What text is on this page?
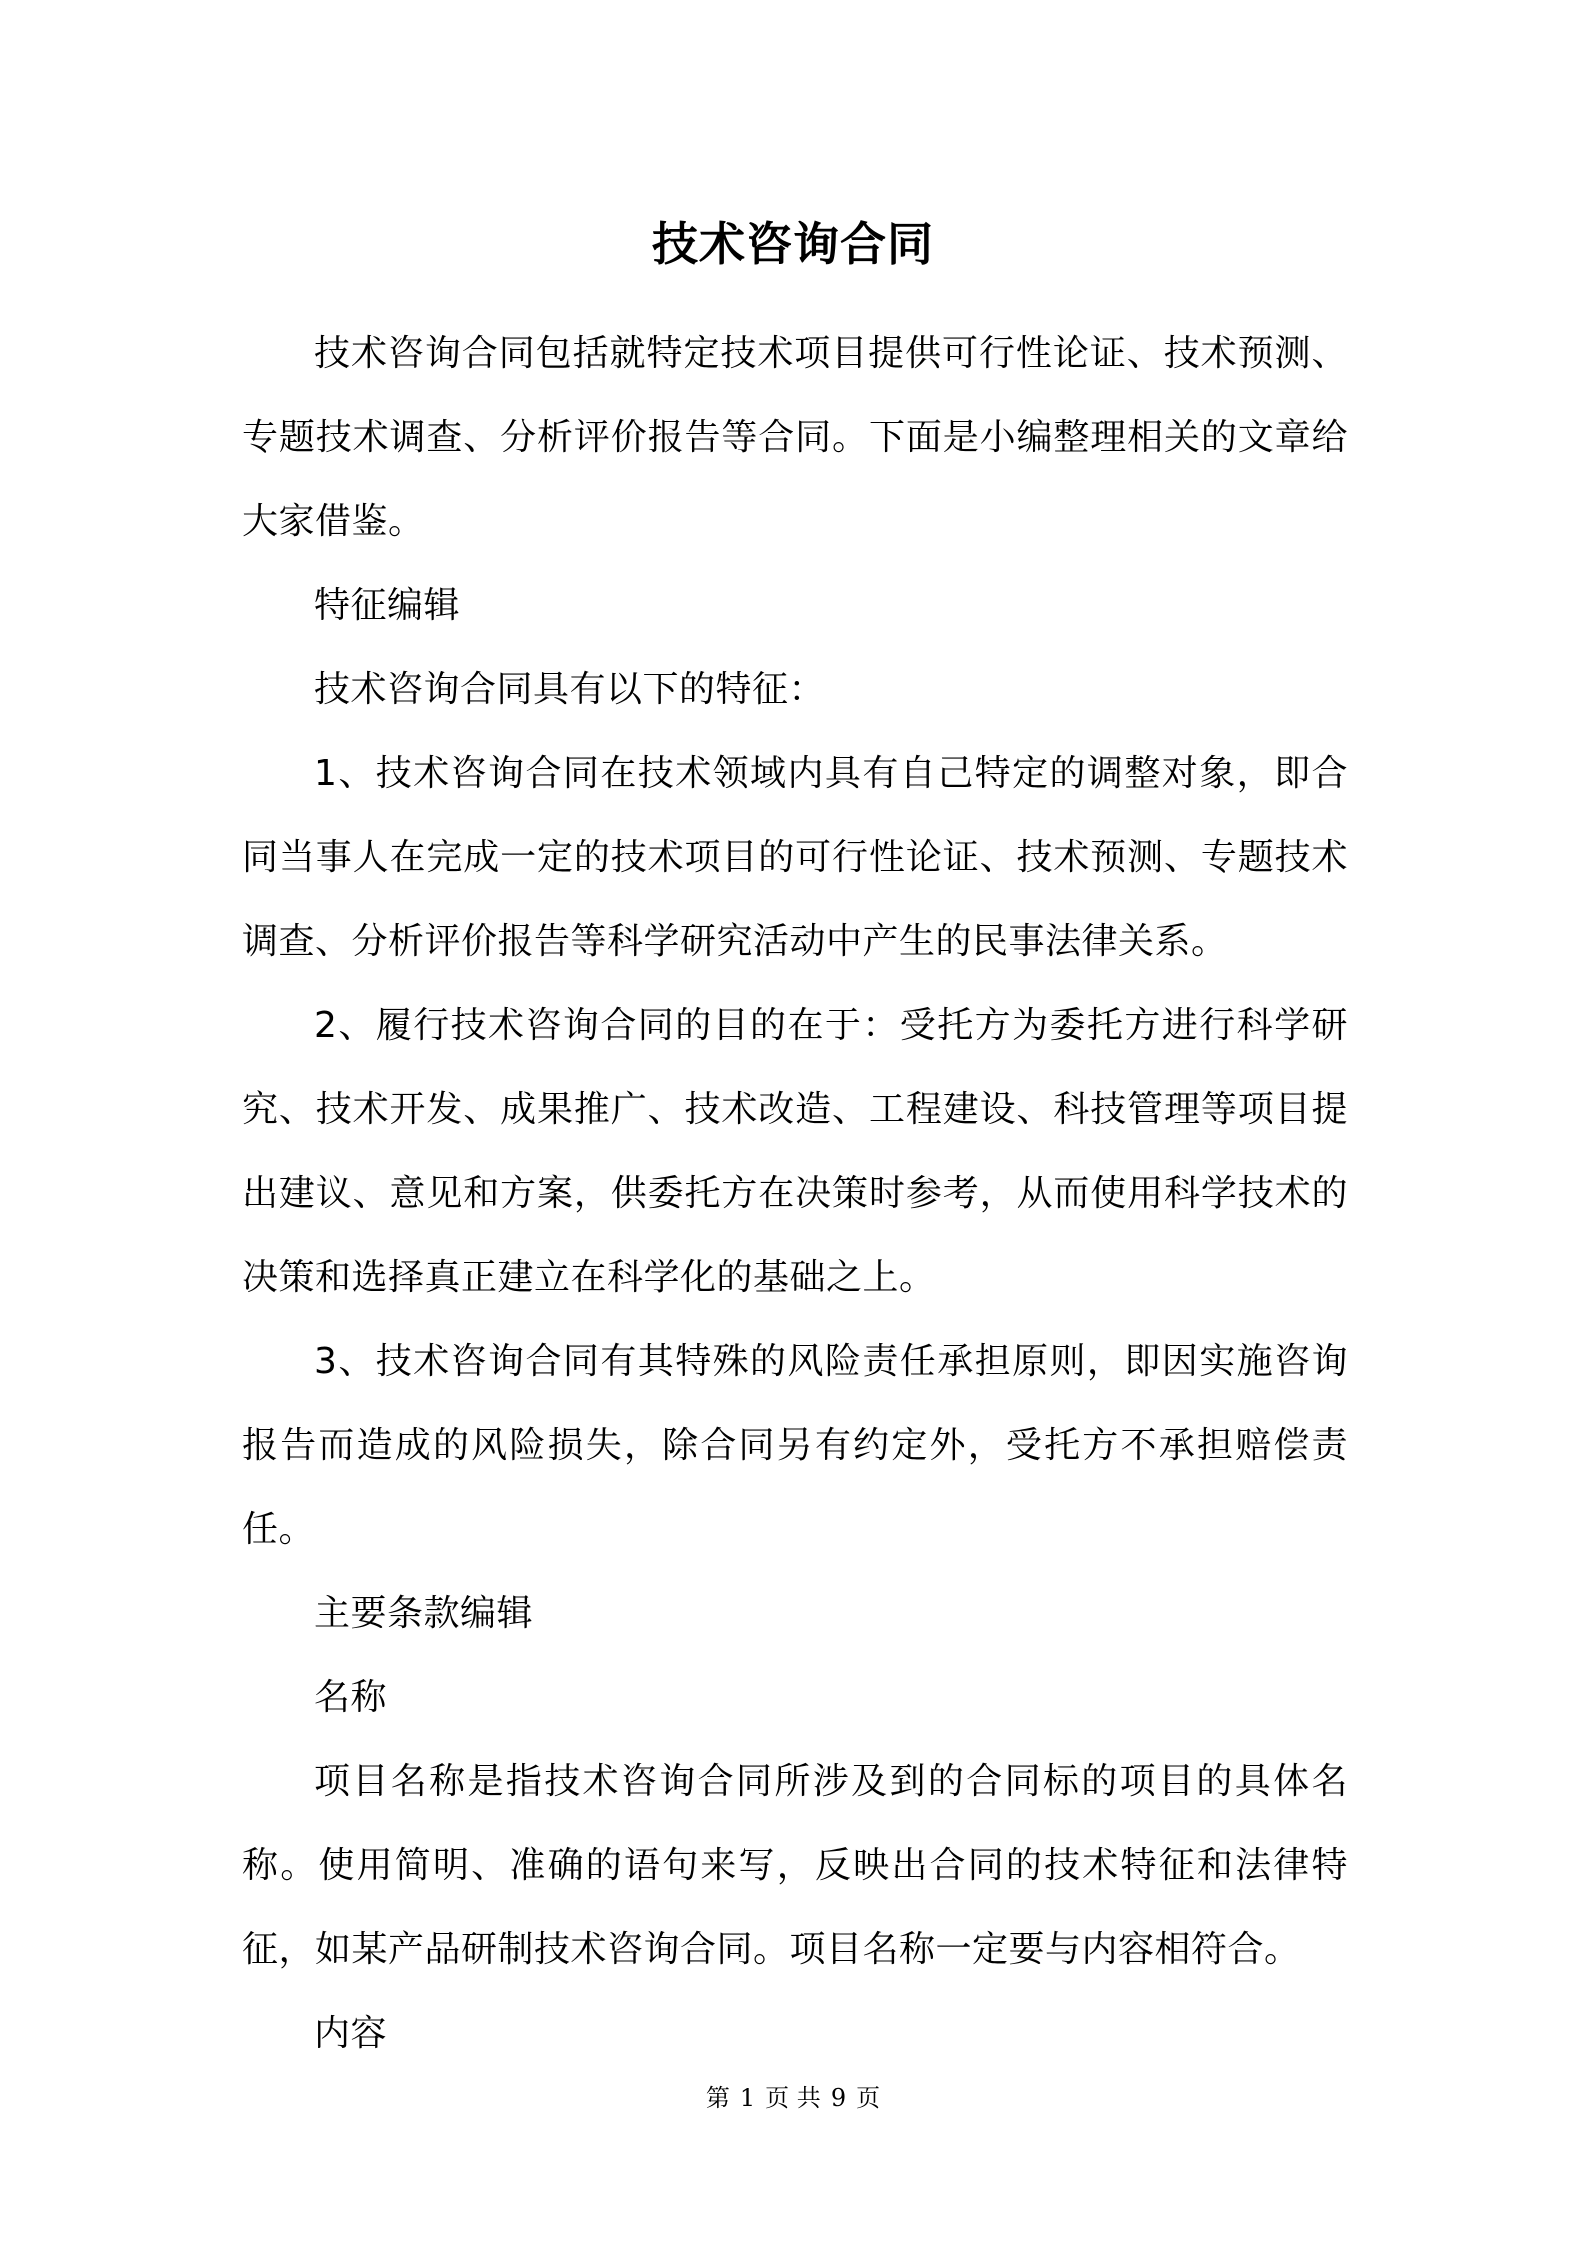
技术咨询合同

技术咨询合同包括就特定技术项目提供可行性论证、技术预测、专题技术调查、分析评价报告等合同。下面是小编整理相关的文章给大家借鉴。

特征编辑

技术咨询合同具有以下的特征：

1、技术咨询合同在技术领域内具有自己特定的调整对象，即合同当事人在完成一定的技术项目的可行性论证、技术预测、专题技术调查、分析评价报告等科学研究活动中产生的民事法律关系。

2、履行技术咨询合同的目的在于：受托方为委托方进行科学研究、技术开发、成果推广、技术改造、工程建设、科技管理等项目提出建议、意见和方案，供委托方在决策时参考，从而使用科学技术的决策和选择真正建立在科学化的基础之上。

3、技术咨询合同有其特殊的风险责任承担原则，即因实施咨询报告而造成的风险损失，除合同另有约定外，受托方不承担赔偿责任。

主要条款编辑

名称

项目名称是指技术咨询合同所涉及到的合同标的项目的具体名称。使用简明、准确的语句来写，反映出合同的技术特征和法律特征，如某产品研制技术咨询合同。项目名称一定要与内容相符合。

内容

第 1 页 共 9 页
